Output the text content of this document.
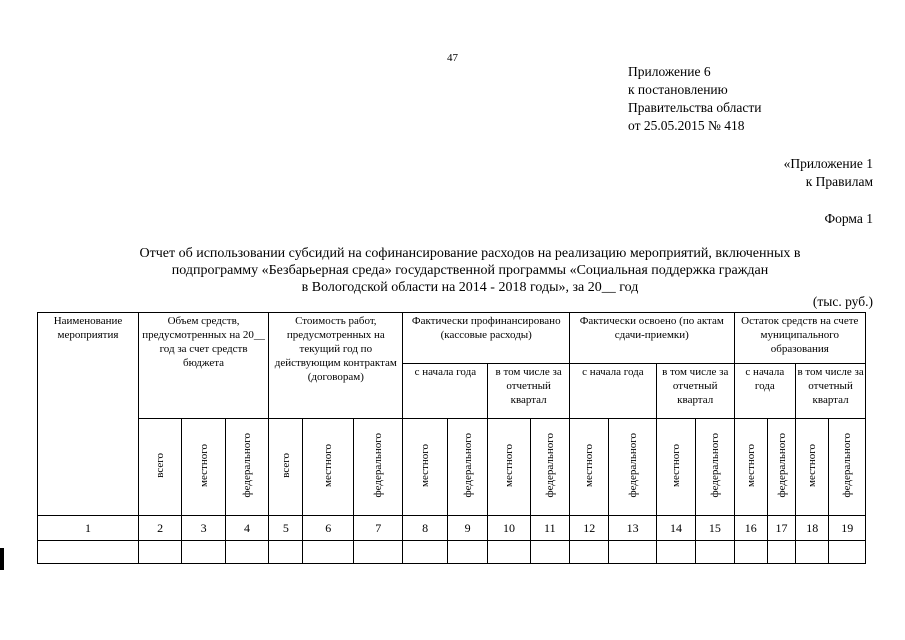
47
Приложение 6
к постановлению
Правительства области
от 25.05.2015 № 418
«Приложение 1
к Правилам
Форма 1
Отчет об использовании субсидий на софинансирование расходов на реализацию мероприятий, включенных в
подпрограмму «Безбарьерная среда» государственной программы «Социальная поддержка граждан
в Вологодской области на 2014 - 2018 годы», за 20__ год
(тыс. руб.)
Наименование мероприятия	Объем средств, предусмотренных на 20__ год за счет средств бюджета			Стоимость работ, предусмотренных на текущий год по действующим контрактам (договорам)			Фактически профинансировано (кассовые расходы)				Фактически освоено (по актам сдачи-приемки)				Остаток средств на счете муниципального образования			
							с начала года		в том числе за отчетный квартал		с начала года		в том числе за отчетный квартал		с начала года		в том числе за отчетный квартал	
	всего	местного	федерального	всего	местного	федерального	местного	федерального	местного	федерального	местного	федерального	местного	федерального	местного	федерального	местного	федерального
1	2	3	4	5	6	7	8	9	10	11	12	13	14	15	16	17	18	19
